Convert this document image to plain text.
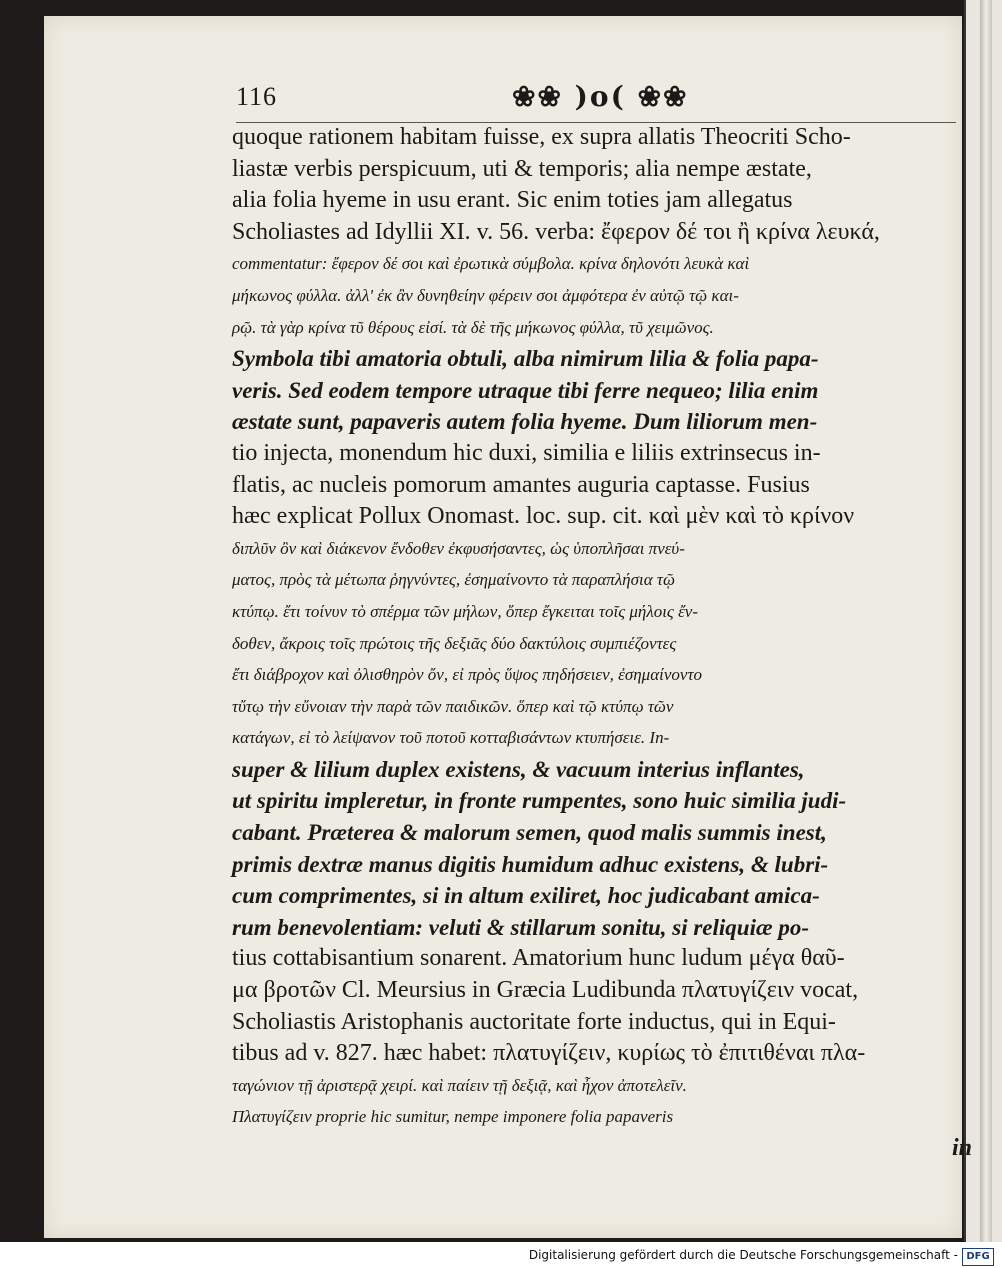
116	❀❀ )o( ❀❀
quoque rationem habitam fuisse, ex supra allatis Theocriti Scho-
liastæ verbis perspicuum, uti & temporis; alia nempe æstate,
alia folia hyeme in usu erant. Sic enim toties jam allegatus
Scholiastes ad Idyllii XI. v. 56. verba: ἔφερον δέ τοι ἢ κρίνα λευκά,
commentatur: ἔφερον δέ σοι καὶ ἐρωτικὰ σύμβολα. κρίνα δηλονότι λευκὰ καὶ
μήκωνος φύλλα. ἀλλ' ἐκ ἂν δυνηθείην φέρειν σοι ἀμφότερα ἐν αὐτῷ τῷ και-
ρῷ. τὰ γὰρ κρίνα τῦ θέρους εἰσί. τὰ δὲ τῆς μήκωνος φύλλα, τῦ χειμῶνος.
Symbola tibi amatoria obtuli, alba nimirum lilia & folia papa-
veris. Sed eodem tempore utraque tibi ferre nequeo; lilia enim
æstate sunt, papaveris autem folia hyeme. Dum liliorum men-
tio injecta, monendum hic duxi, similia e liliis extrinsecus in-
flatis, ac nucleis pomorum amantes auguria captasse. Fusius
hæc explicat Pollux Onomast. loc. sup. cit. καὶ μὲν καὶ τὸ κρίνον
διπλῦν ὂν καὶ διάκενον ἔνδοθεν ἐκφυσήσαντες, ὡς ὑποπλῆσαι πνεύ-
ματος, πρὸς τὰ μέτωπα ῥηγνύντες, ἐσημαίνοντο τὰ παραπλήσια τῷ
κτύπῳ. ἔτι τοίνυν τὸ σπέρμα τῶν μήλων, ὅπερ ἔγκειται τοῖς μήλοις ἔν-
δοθεν, ἄκροις τοῖς πρώτοις τῆς δεξιᾶς δύο δακτύλοις συμπιέζοντες
ἔτι διάβροχον καὶ ὀλισθηρὸν ὄν, εἰ πρὸς ὕψος πηδήσειεν, ἐσημαίνοντο
τὔτῳ τὴν εὔνοιαν τὴν παρὰ τῶν παιδικῶν. ὅπερ καὶ τῷ κτύπῳ τῶν
κατάγων, εἰ τὸ λείψανον τοῦ ποτοῦ κοτταβισάντων κτυπήσειε. In-
super & lilium duplex existens, & vacuum interius inflantes,
ut spiritu impleretur, in fronte rumpentes, sono huic similia judi-
cabant. Præterea & malorum semen, quod malis summis inest,
primis dextræ manus digitis humidum adhuc existens, & lubri-
cum comprimentes, si in altum exiliret, hoc judicabant amica-
rum benevolentiam: veluti & stillarum sonitu, si reliquiæ po-
tius cottabisantium sonarent. Amatorium hunc ludum μέγα θαῦ-
μα βροτῶν Cl. Meursius in Græcia Ludibunda πλατυγίζειν vocat,
Scholiastis Aristophanis auctoritate forte inductus, qui in Equi-
tibus ad v. 827. hæc habet: πλατυγίζειν, κυρίως τὸ ἐπιτιθέναι πλα-
ταγώνιον τῇ ἀριστερᾷ χειρί. καὶ παίειν τῇ δεξιᾷ, καὶ ἦχον ἀποτελεῖν.
Πλατυγίζειν proprie hic sumitur, nempe imponere folia papaveris
in
Digitalisierung gefördert durch die Deutsche Forschungsgemeinschaft - DFG
